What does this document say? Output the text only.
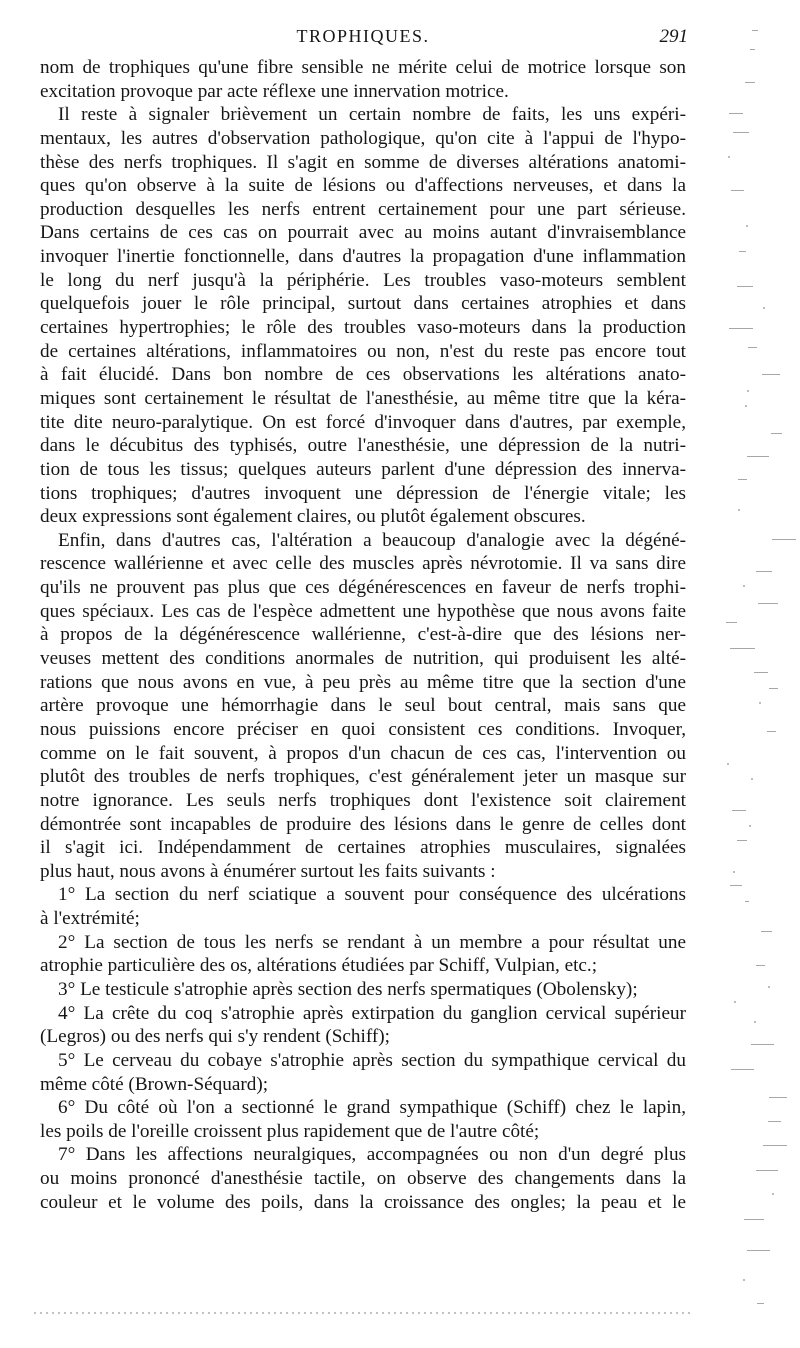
TROPHIQUES.	291
nom de trophiques qu'une fibre sensible ne mérite celui de motrice lorsque son
excitation provoque par acte réflexe une innervation motrice.
Il reste à signaler brièvement un certain nombre de faits, les uns expéri-
mentaux, les autres d'observation pathologique, qu'on cite à l'appui de l'hypo-
thèse des nerfs trophiques. Il s'agit en somme de diverses altérations anatomi-
ques qu'on observe à la suite de lésions ou d'affections nerveuses, et dans la
production desquelles les nerfs entrent certainement pour une part sérieuse.
Dans certains de ces cas on pourrait avec au moins autant d'invraisemblance
invoquer l'inertie fonctionnelle, dans d'autres la propagation d'une inflammation
le long du nerf jusqu'à la périphérie. Les troubles vaso-moteurs semblent
quelquefois jouer le rôle principal, surtout dans certaines atrophies et dans
certaines hypertrophies; le rôle des troubles vaso-moteurs dans la production
de certaines altérations, inflammatoires ou non, n'est du reste pas encore tout
à fait élucidé. Dans bon nombre de ces observations les altérations anato-
miques sont certainement le résultat de l'anesthésie, au même titre que la kéra-
tite dite neuro-paralytique. On est forcé d'invoquer dans d'autres, par exemple,
dans le décubitus des typhisés, outre l'anesthésie, une dépression de la nutri-
tion de tous les tissus; quelques auteurs parlent d'une dépression des innerva-
tions trophiques; d'autres invoquent une dépression de l'énergie vitale; les
deux expressions sont également claires, ou plutôt également obscures.
Enfin, dans d'autres cas, l'altération a beaucoup d'analogie avec la dégéné-
rescence wallérienne et avec celle des muscles après névrotomie. Il va sans dire
qu'ils ne prouvent pas plus que ces dégénérescences en faveur de nerfs trophi-
ques spéciaux. Les cas de l'espèce admettent une hypothèse que nous avons faite
à propos de la dégénérescence wallérienne, c'est-à-dire que des lésions ner-
veuses mettent des conditions anormales de nutrition, qui produisent les alté-
rations que nous avons en vue, à peu près au même titre que la section d'une
artère provoque une hémorrhagie dans le seul bout central, mais sans que
nous puissions encore préciser en quoi consistent ces conditions. Invoquer,
comme on le fait souvent, à propos d'un chacun de ces cas, l'intervention ou
plutôt des troubles de nerfs trophiques, c'est généralement jeter un masque sur
notre ignorance. Les seuls nerfs trophiques dont l'existence soit clairement
démontrée sont incapables de produire des lésions dans le genre de celles dont
il s'agit ici. Indépendamment de certaines atrophies musculaires, signalées
plus haut, nous avons à énumérer surtout les faits suivants :
1° La section du nerf sciatique a souvent pour conséquence des ulcérations
à l'extrémité;
2° La section de tous les nerfs se rendant à un membre a pour résultat une
atrophie particulière des os, altérations étudiées par Schiff, Vulpian, etc.;
3° Le testicule s'atrophie après section des nerfs spermatiques (Obolensky);
4° La crête du coq s'atrophie après extirpation du ganglion cervical supérieur
(Legros) ou des nerfs qui s'y rendent (Schiff);
5° Le cerveau du cobaye s'atrophie après section du sympathique cervical du
même côté (Brown-Séquard);
6° Du côté où l'on a sectionné le grand sympathique (Schiff) chez le lapin,
les poils de l'oreille croissent plus rapidement que de l'autre côté;
7° Dans les affections neuralgiques, accompagnées ou non d'un degré plus
ou moins prononcé d'anesthésie tactile, on observe des changements dans la
couleur et le volume des poils, dans la croissance des ongles; la peau et le
